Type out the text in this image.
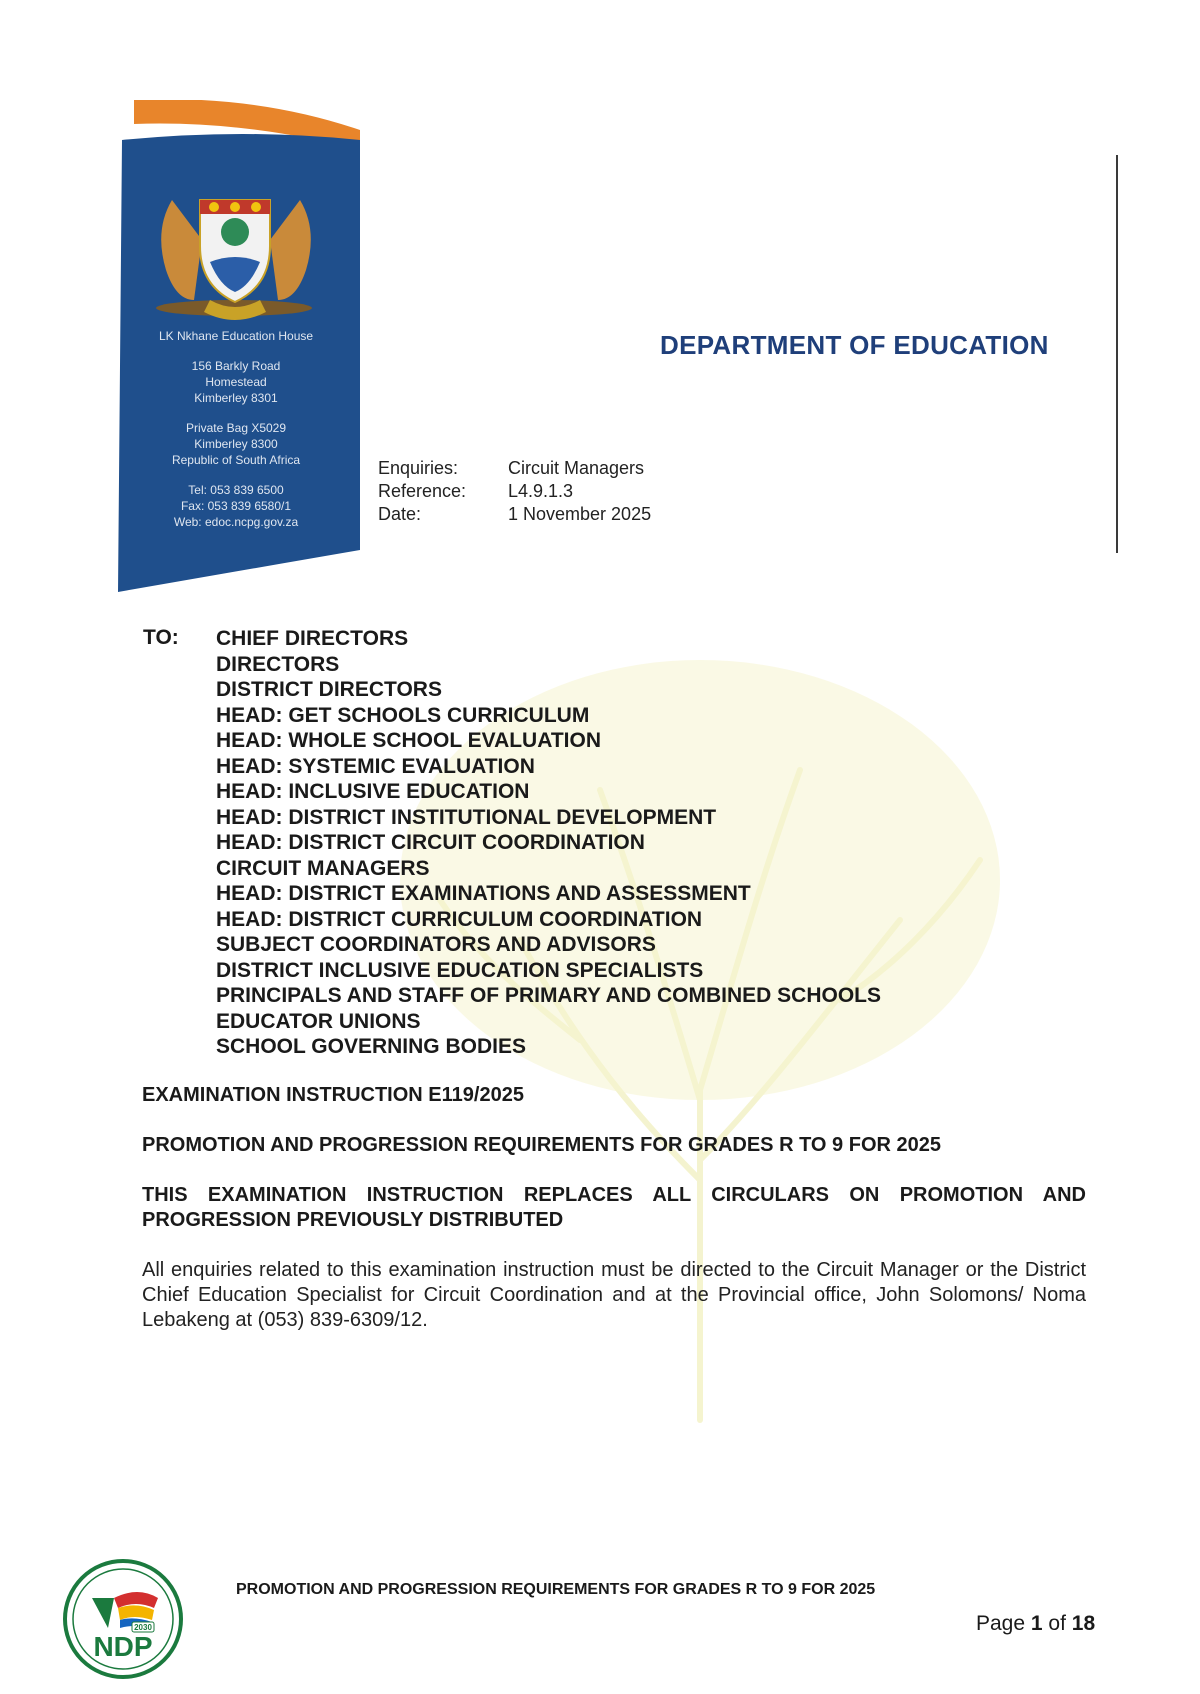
LK Nkhane Education House
156 Barkly Road
Homestead
Kimberley 8301
Private Bag X5029
Kimberley 8300
Republic of South Africa
Tel: 053 839 6500
Fax: 053 839 6580/1
Web: edoc.ncpg.gov.za
DEPARTMENT OF EDUCATION
Enquiries:	Circuit Managers
Reference:	L4.9.1.3
Date:	1 November 2025
TO: CHIEF DIRECTORS
DIRECTORS
DISTRICT DIRECTORS
HEAD: GET SCHOOLS CURRICULUM
HEAD: WHOLE SCHOOL EVALUATION
HEAD: SYSTEMIC EVALUATION
HEAD: INCLUSIVE EDUCATION
HEAD: DISTRICT INSTITUTIONAL DEVELOPMENT
HEAD: DISTRICT CIRCUIT COORDINATION
CIRCUIT MANAGERS
HEAD: DISTRICT EXAMINATIONS AND ASSESSMENT
HEAD: DISTRICT CURRICULUM COORDINATION
SUBJECT COORDINATORS AND ADVISORS
DISTRICT INCLUSIVE EDUCATION SPECIALISTS
PRINCIPALS AND STAFF OF PRIMARY AND COMBINED SCHOOLS
EDUCATOR UNIONS
SCHOOL GOVERNING BODIES
EXAMINATION INSTRUCTION E119/2025
PROMOTION AND PROGRESSION REQUIREMENTS FOR GRADES R TO 9 FOR 2025
THIS EXAMINATION INSTRUCTION REPLACES ALL CIRCULARS ON PROMOTION AND PROGRESSION PREVIOUSLY DISTRIBUTED
All enquiries related to this examination instruction must be directed to the Circuit Manager or the District Chief Education Specialist for Circuit Coordination and at the Provincial office, John Solomons/ Noma Lebakeng at (053) 839-6309/12.
2030
NDP
PROMOTION AND PROGRESSION REQUIREMENTS FOR GRADES R TO 9 FOR 2025
Page 1 of 18
